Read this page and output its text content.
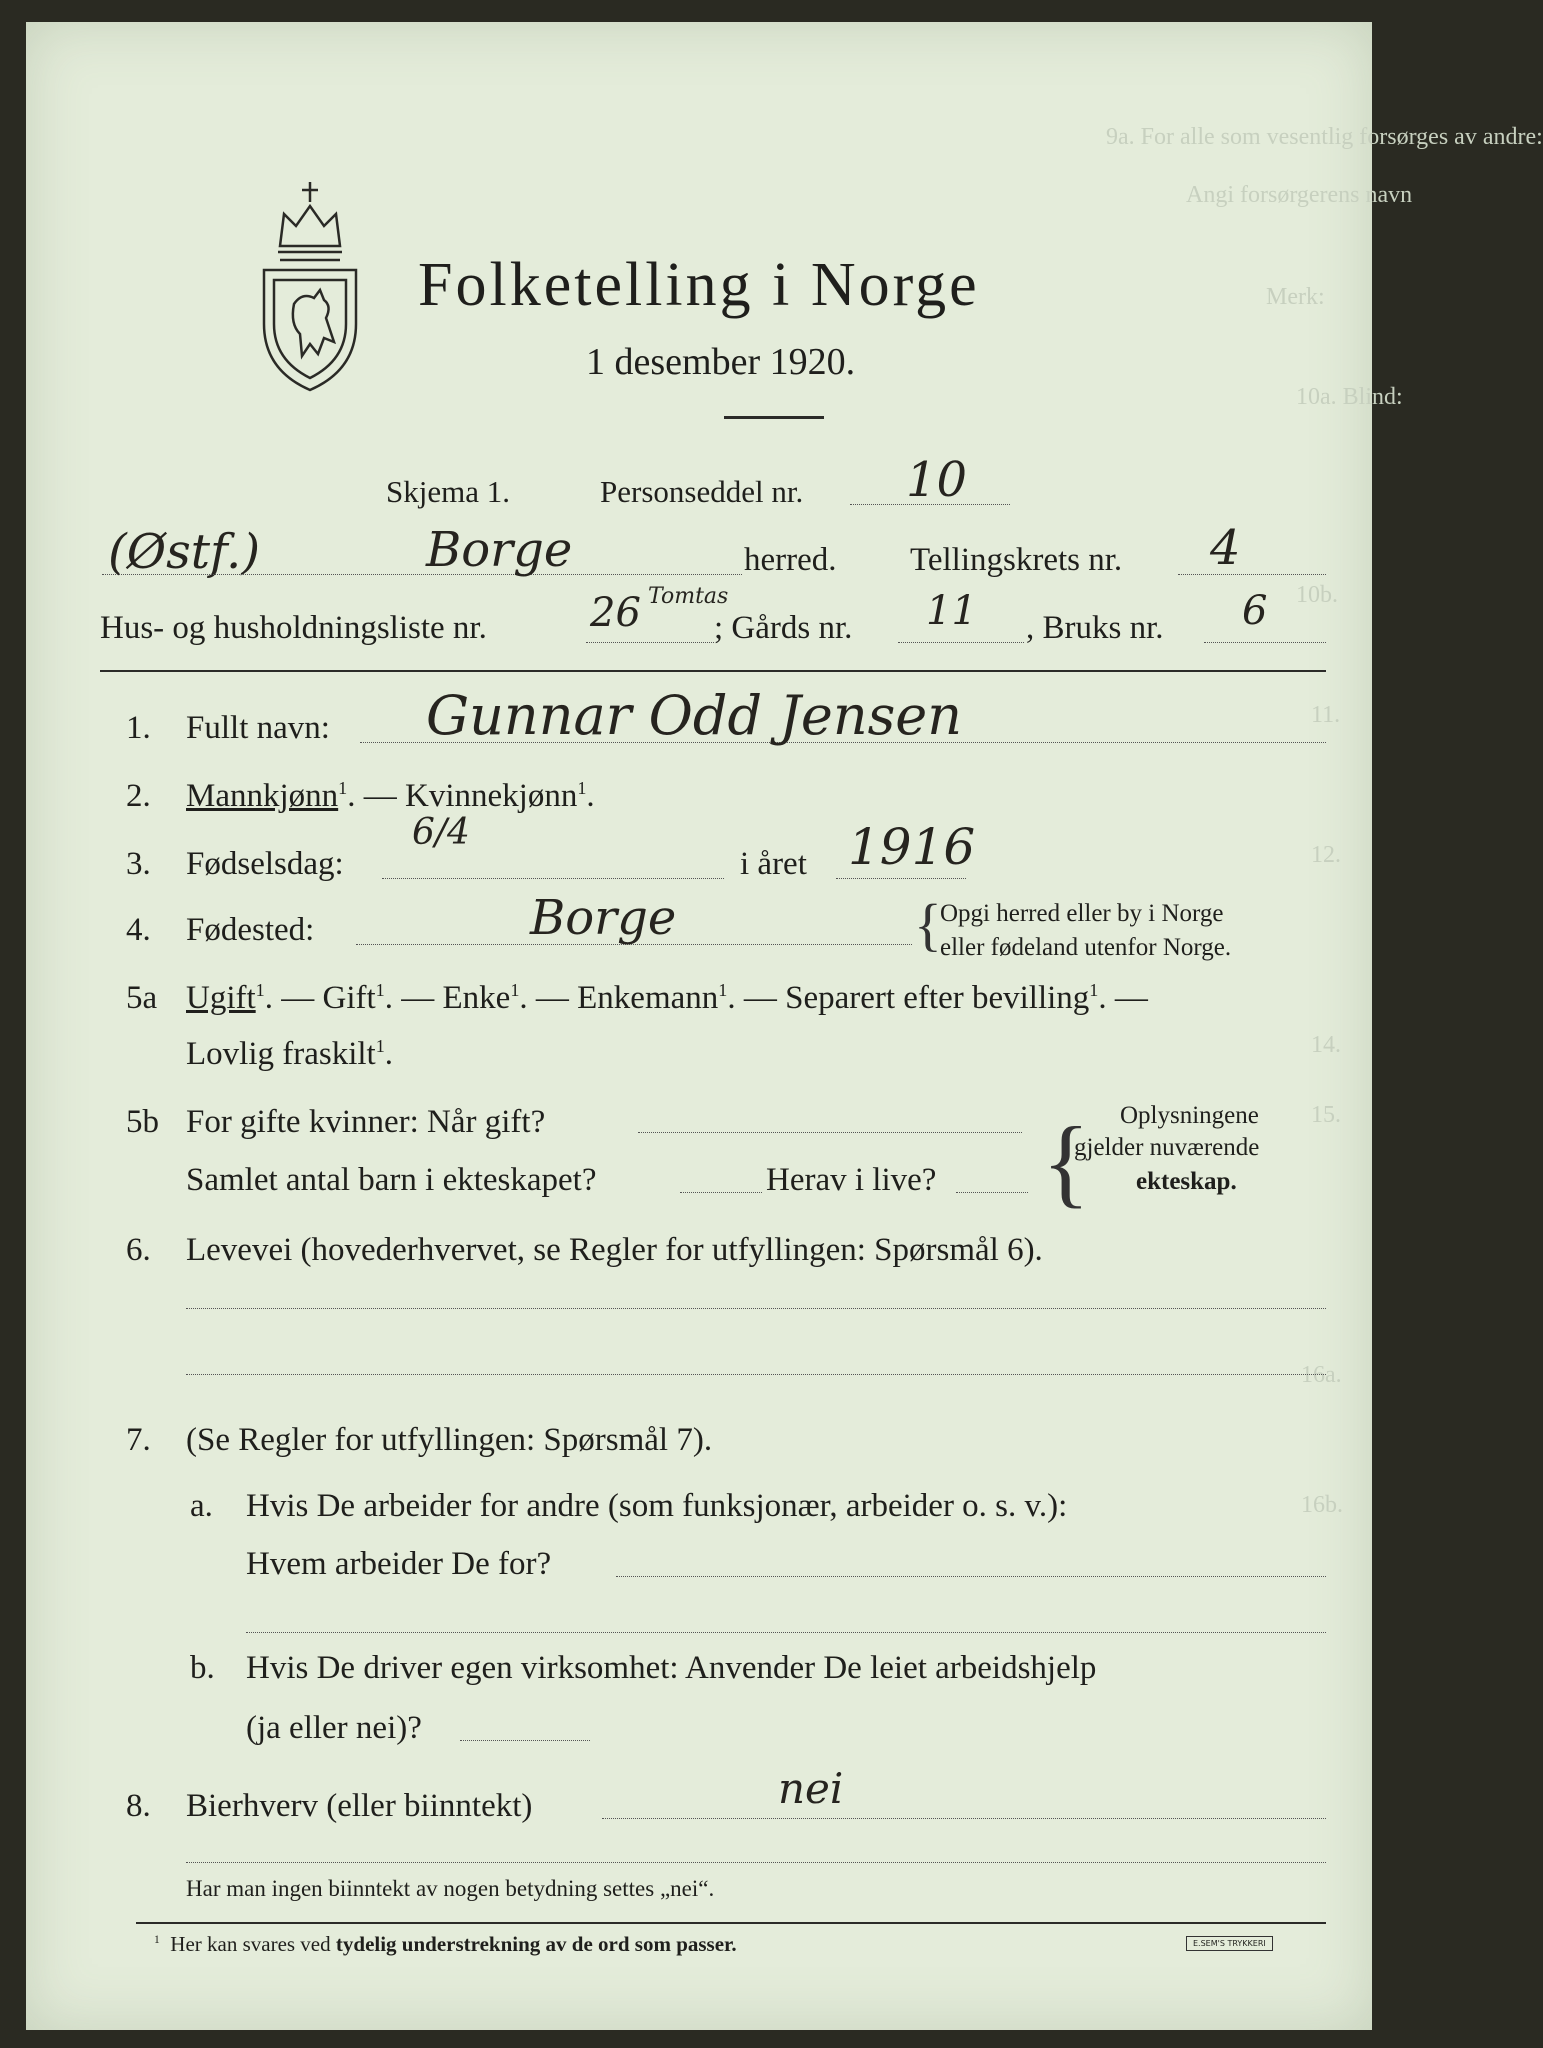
9a. For alle som vesentlig forsørges av andre:
Angi forsørgerens navn
Merk:
10a. Blind:
10b.
11.
12.
14.
15.
16a.
16b.
Folketelling i Norge
1 desember 1920.
Skjema 1.	Personseddel nr. 10
(Østf.)	Borge	herred. Tellingskrets nr. 4
Hus- og husholdningsliste nr.	26 Tomtas
; Gårds nr. 11 , Bruks nr. 6
1. Fullt navn: Gunnar Odd Jensen
2. Mannkjønn$^1$. — Kvinnekjønn$^1$.
3. Fødselsdag:
6/4
i året 1916
4. Fødested:	Borge	{
Opgi herred eller by i Norge
eller fødeland utenfor Norge.
5a Ugift$^1$. — Gift$^1$. — Enke$^1$. — Enkemann$^1$. — Separert efter bevilling$^1$. —
Lovlig fraskilt$^1$.
5b For gifte kvinner: Når gift?
Samlet antal barn i ekteskapet?	Herav i live? { Oplysningene
gjelder nuværende
ekteskap.
6. Levevei (hovederhvervet, se Regler for utfyllingen: Spørsmål 6).
7. (Se Regler for utfyllingen: Spørsmål 7).
a. Hvis De arbeider for andre (som funksjonær, arbeider o. s. v.):
Hvem arbeider De for?
b. Hvis De driver egen virksomhet: Anvender De leiet arbeidshjelp
(ja eller nei)?
8. Bierhverv (eller biinntekt)	nei
Har man ingen biinntekt av nogen betydning settes „nei“.
$^1$ Her kan svares ved tydelig understrekning av de ord som passer.	E.SEM'S TRYKKERI
